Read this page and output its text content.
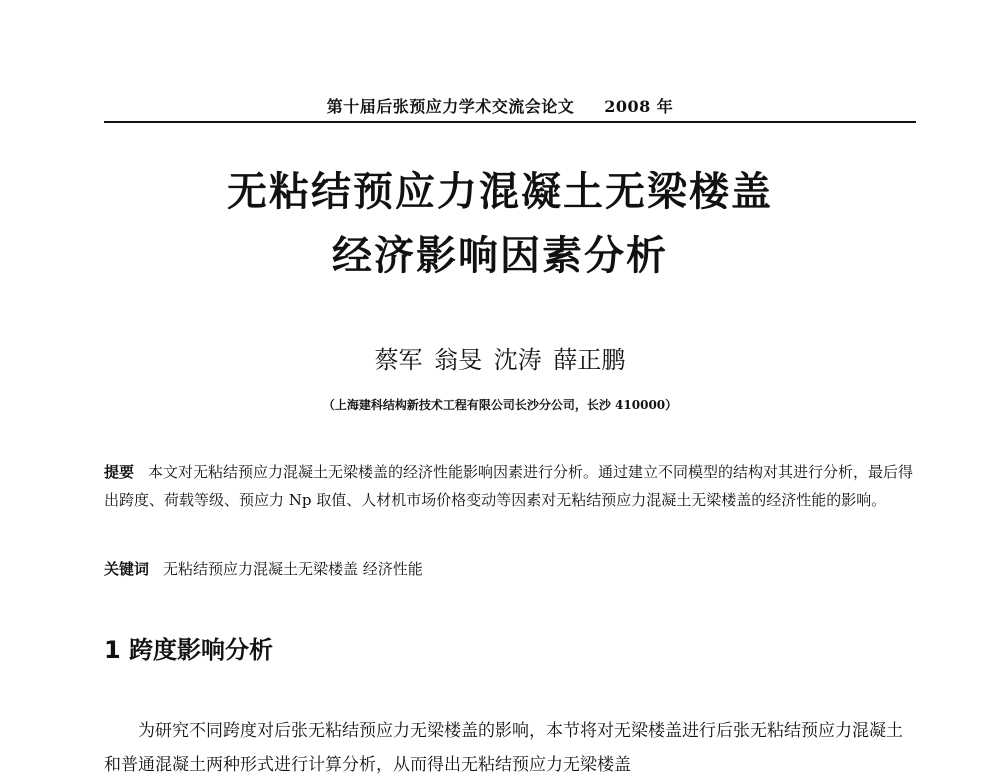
第十届后张预应力学术交流会论文 2008 年
无粘结预应力混凝土无梁楼盖
经济影响因素分析
蔡军 翁旻 沈涛 薛正鹏
（上海建科结构新技术工程有限公司长沙分公司，长沙 410000）
提要 本文对无粘结预应力混凝土无梁楼盖的经济性能影响因素进行分析。通过建立不同模型的结构对其进行分析，最后得出跨度、荷载等级、预应力 Np 取值、人材机市场价格变动等因素对无粘结预应力混凝土无梁楼盖的经济性能的影响。
关键词 无粘结预应力混凝土无梁楼盖 经济性能
1 跨度影响分析
为研究不同跨度对后张无粘结预应力无梁楼盖的影响，本节将对无梁楼盖进行后张无粘结预应力混凝土和普通混凝土两种形式进行计算分析，从而得出无粘结预应力无梁楼盖
